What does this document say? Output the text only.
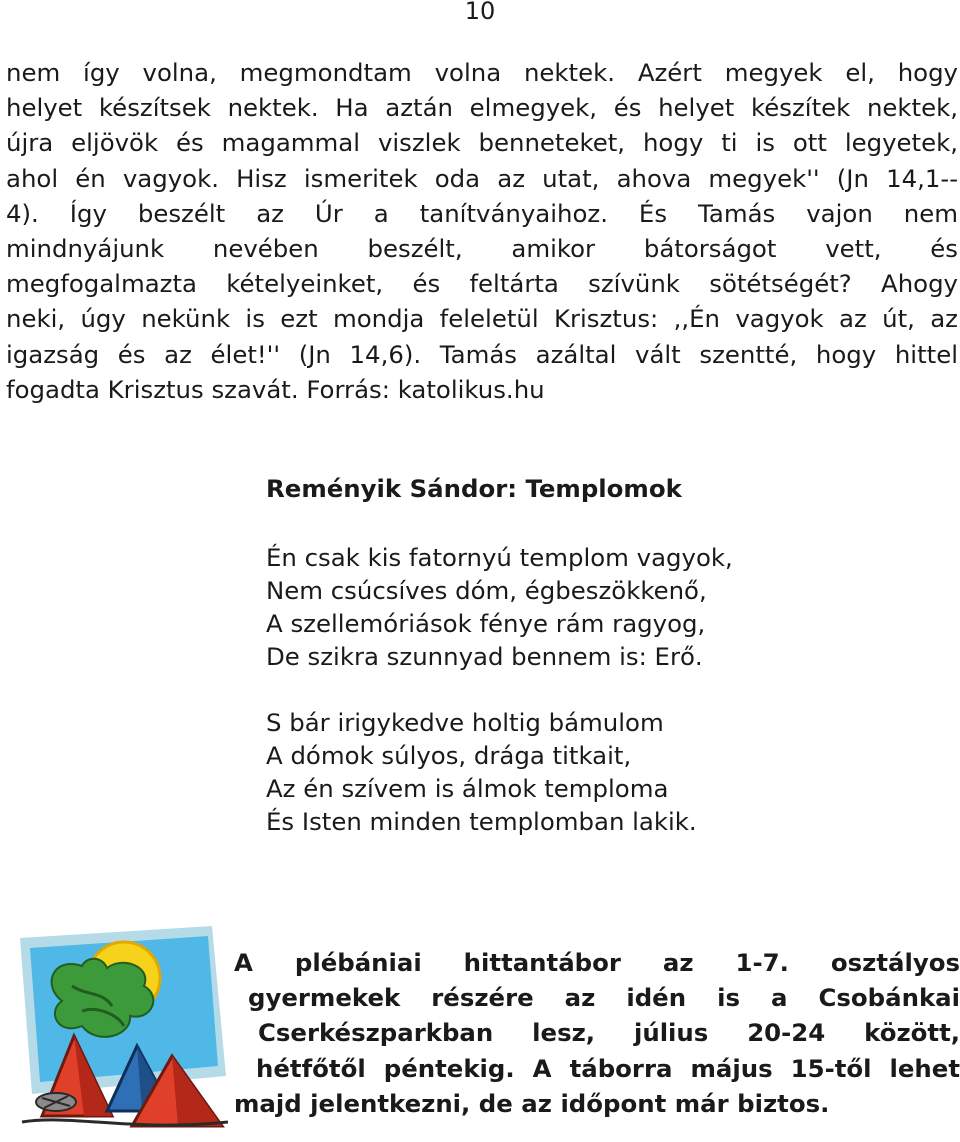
10
nem így volna, megmondtam volna nektek. Azért megyek el, hogy
helyet készítsek nektek. Ha aztán elmegyek, és helyet készítek nektek,
újra eljövök és magammal viszlek benneteket, hogy ti is ott legyetek,
ahol én vagyok. Hisz ismeritek oda az utat, ahova megyek'' (Jn 14,1--
4). Így beszélt az Úr a tanítványaihoz. És Tamás vajon nem
mindnyájunk nevében beszélt, amikor bátorságot vett, és
megfogalmazta kételyeinket, és feltárta szívünk sötétségét? Ahogy
neki, úgy nekünk is ezt mondja feleletül Krisztus: ,,Én vagyok az út, az
igazság és az élet!'' (Jn 14,6). Tamás azáltal vált szentté, hogy hittel
fogadta Krisztus szavát. Forrás: katolikus.hu
Reményik Sándor: Templomok
Én csak kis fatornyú templom vagyok,
Nem csúcsíves dóm, égbeszökkenő,
A szellemóriások fénye rám ragyog,
De szikra szunnyad bennem is: Erő.
S bár irigykedve holtig bámulom
A dómok súlyos, drága titkait,
Az én szívem is álmok temploma
És Isten minden templomban lakik.
A plébániai hittantábor az 1-7. osztályos
gyermekek részére az idén is a Csobánkai
Cserkészparkban lesz, július 20-24 között,
hétfőtől péntekig. A táborra május 15-től lehet
majd jelentkezni, de az időpont már biztos.
